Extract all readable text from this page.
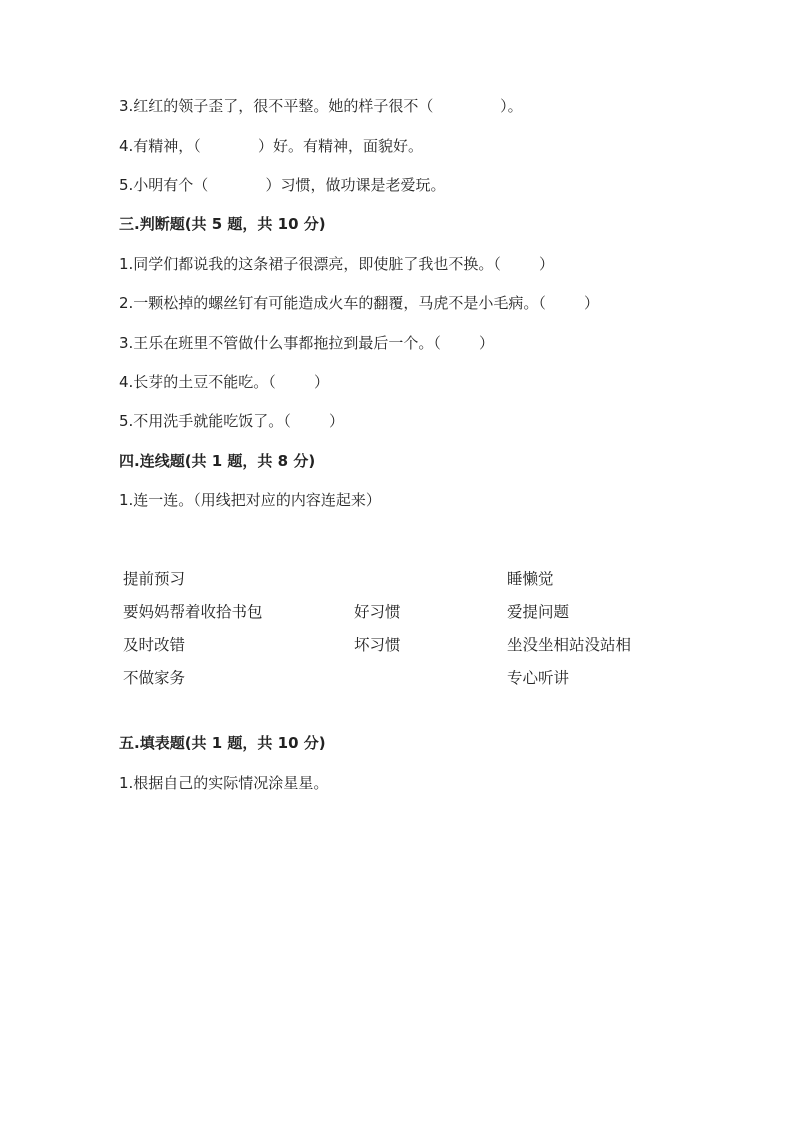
3.红红的领子歪了，很不平整。她的样子很不（              ）。
4.有精神，（            ）好。有精神，面貌好。
5.小明有个（            ）习惯，做功课是老爱玩。
三.判断题(共 5 题，共 10 分)
1.同学们都说我的这条裙子很漂亮，即使脏了我也不换。（        ）
2.一颗松掉的螺丝钉有可能造成火车的翻覆，马虎不是小毛病。（        ）
3.王乐在班里不管做什么事都拖拉到最后一个。（        ）
4.长芽的土豆不能吃。（        ）
5.不用洗手就能吃饭了。（        ）
四.连线题(共 1 题，共 8 分)
1.连一连。（用线把对应的内容连起来）
提前预习
要妈妈帮着收拾书包
及时改错
不做家务
好习惯
坏习惯
睡懒觉
爱提问题
坐没坐相站没站相
专心听讲
五.填表题(共 1 题，共 10 分)
1.根据自己的实际情况涂星星。
